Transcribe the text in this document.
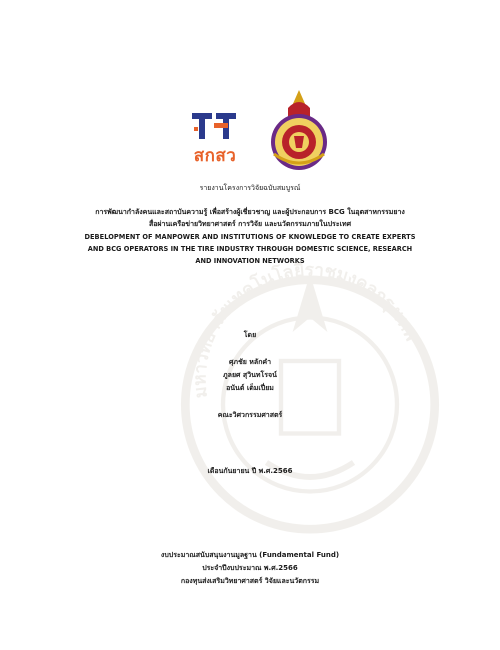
มหาวิทยาลัยเทคโนโลยีราชมงคลกรุงเทพ
สกสว
รายงานโครงการวิจัยฉบับสมบูรณ์
การพัฒนากำลังคนและสถาบันความรู้ เพื่อสร้างผู้เชี่ยวชาญ และผู้ประกอบการ BCG ในอุตสาหกรรมยาง
สื่อผ่านเครือข่ายวิทยาศาสตร์ การวิจัย และนวัตกรรมภายในประเทศ
DEBELOPMENT OF MANPOWER AND INSTITUTIONS OF KNOWLEDGE TO CREATE EXPERTS
AND BCG OPERATORS IN THE TIRE INDUSTRY THROUGH DOMESTIC SCIENCE, RESEARCH
AND INNOVATION NETWORKS
โดย
ศุภชัย หลักคำ
ภูลยศ สุวินทโรจน์
อนันต์ เต็มเปี่ยม
คณะวิศวกรรมศาสตร์
เดือนกันยายน ปี พ.ศ.2566
งบประมาณสนับสนุนงานมูลฐาน (Fundamental Fund)
ประจำปีงบประมาณ พ.ศ.2566
กองทุนส่งเสริมวิทยาศาสตร์ วิจัยและนวัตกรรม
